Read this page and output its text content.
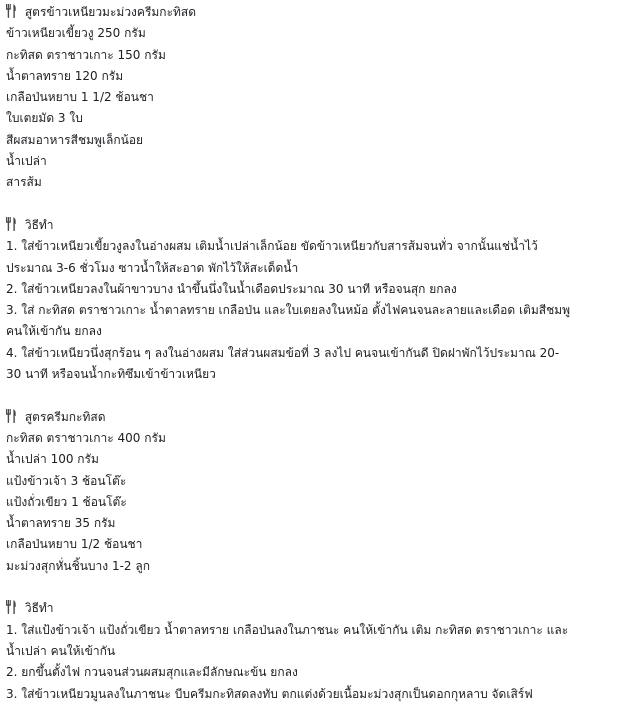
สูตรข้าวเหนียวมะม่วงครีมกะทิสด
ข้าวเหนียวเขี้ยวงู 250 กรัม
กะทิสด ตราชาวเกาะ 150 กรัม
น้ำตาลทราย 120 กรัม
เกลือป่นหยาบ 1 1/2 ช้อนชา
ใบเตยมัด 3 ใบ
สีผสมอาหารสีชมพูเล็กน้อย
น้ำเปล่า
สารส้ม
วิธีทำ
1. ใส่ข้าวเหนียวเขี้ยวงูลงในอ่างผสม เติมน้ำเปล่าเล็กน้อย ขัดข้าวเหนียวกับสารส้มจนทั่ว จากนั้นแช่น้ำไว้
ประมาณ 3-6 ชั่วโมง ซาวน้ำให้สะอาด พักไว้ให้สะเด็ดน้ำ
2. ใส่ข้าวเหนียวลงในผ้าขาวบาง นำขึ้นนึ่งในน้ำเดือดประมาณ 30 นาที หรือจนสุก ยกลง
3. ใส่ กะทิสด ตราชาวเกาะ น้ำตาลทราย เกลือป่น และใบเตยลงในหม้อ ตั้งไฟคนจนละลายและเดือด เติมสีชมพู
คนให้เข้ากัน ยกลง
4. ใส่ข้าวเหนียวนึ่งสุกร้อน ๆ ลงในอ่างผสม ใส่ส่วนผสมข้อที่ 3 ลงไป คนจนเข้ากันดี ปิดฝาพักไว้ประมาณ 20-
30 นาที หรือจนน้ำกะทิซึมเข้าข้าวเหนียว
สูตรครีมกะทิสด
กะทิสด ตราชาวเกาะ 400 กรัม
น้ำเปล่า 100 กรัม
แป้งข้าวเจ้า 3 ช้อนโต๊ะ
แป้งถั่วเขียว 1 ช้อนโต๊ะ
น้ำตาลทราย 35 กรัม
เกลือป่นหยาบ 1/2 ช้อนชา
มะม่วงสุกหั่นชิ้นบาง 1-2 ลูก
วิธีทำ
1. ใส่แป้งข้าวเจ้า แป้งถั่วเขียว น้ำตาลทราย เกลือป่นลงในภาชนะ คนให้เข้ากัน เติม กะทิสด ตราชาวเกาะ และ
น้ำเปล่า คนให้เข้ากัน
2. ยกขึ้นตั้งไฟ กวนจนส่วนผสมสุกและมีลักษณะข้น ยกลง
3. ใส่ข้าวเหนียวมูนลงในภาชนะ บีบครีมกะทิสดลงทับ ตกแต่งด้วยเนื้อมะม่วงสุกเป็นดอกกุหลาบ จัดเสิร์ฟ
